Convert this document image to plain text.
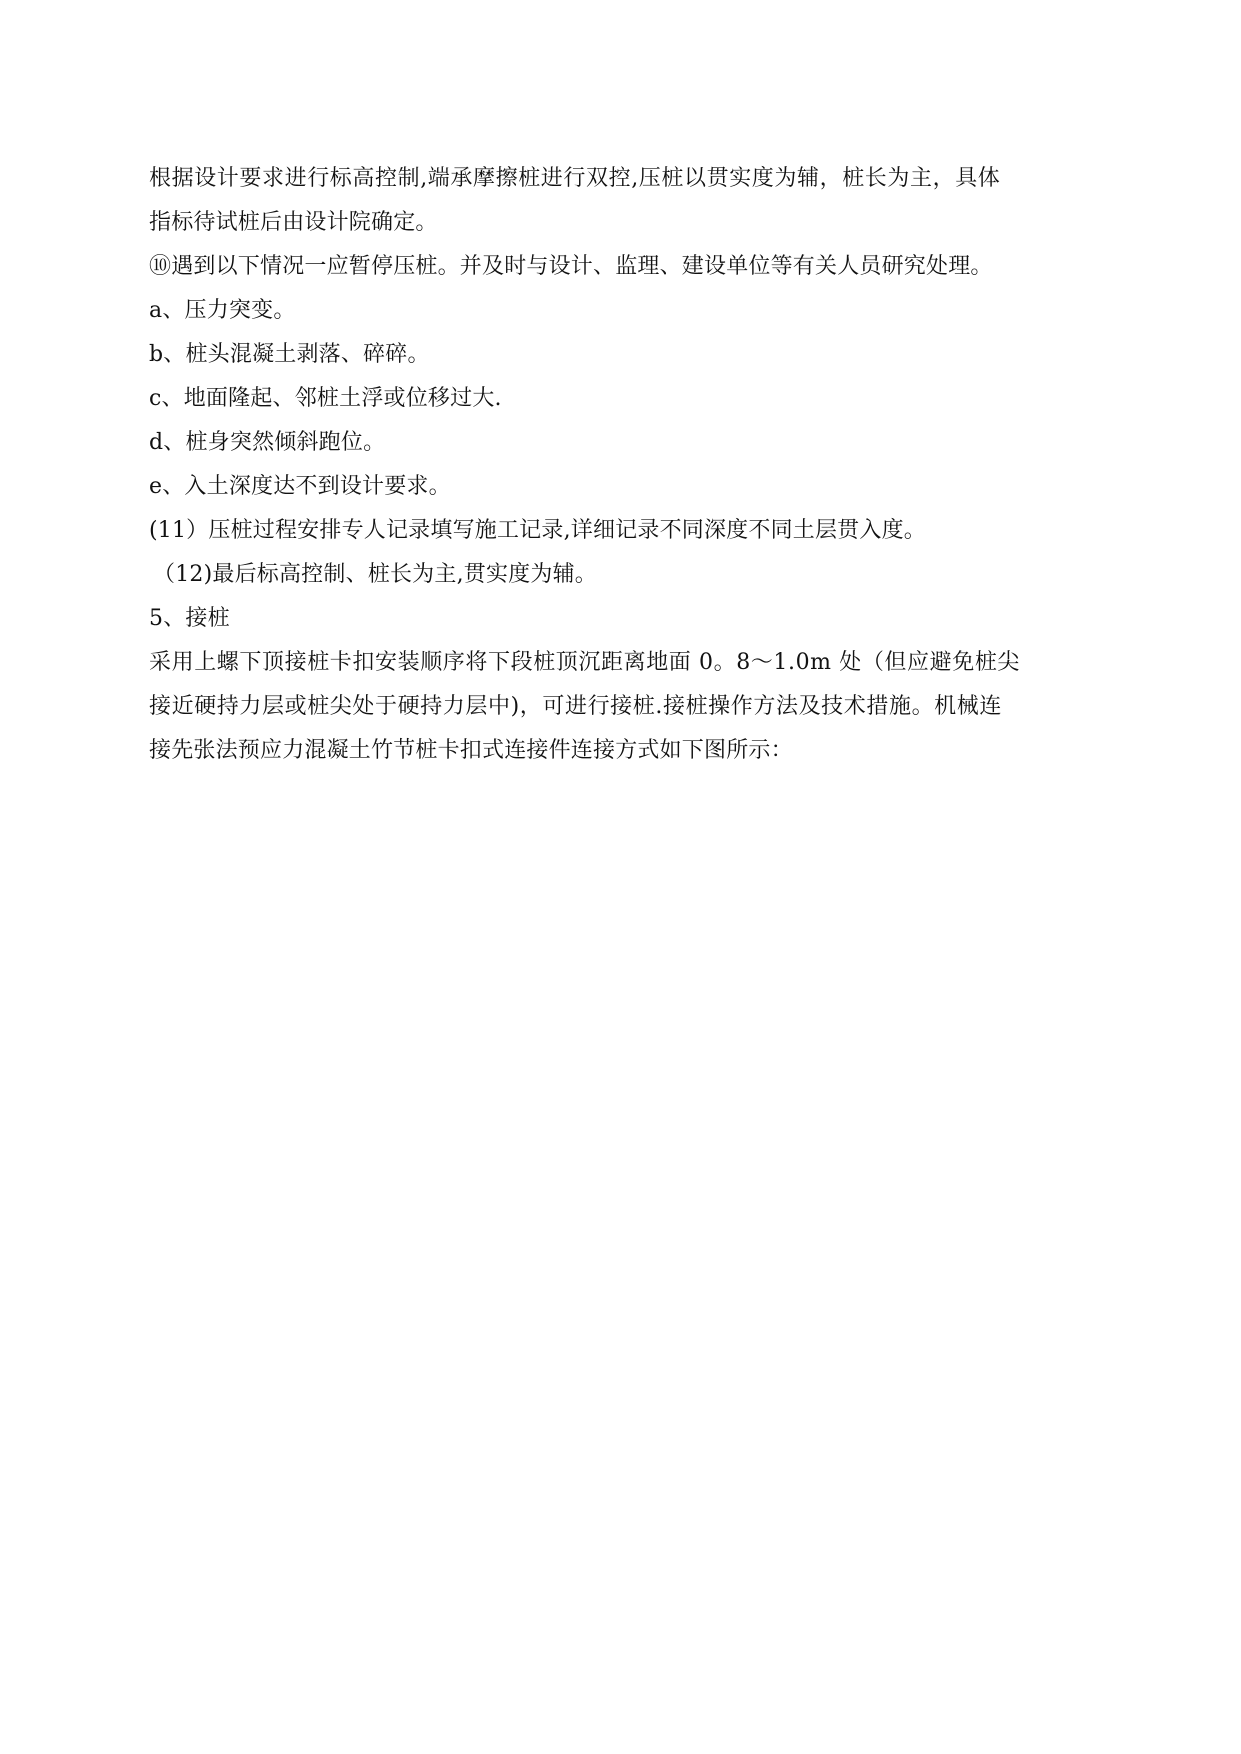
根据设计要求进行标高控制,端承摩擦桩进行双控,压桩以贯实度为辅，桩长为主，具体
指标待试桩后由设计院确定。
⑩遇到以下情况一应暂停压桩。并及时与设计、监理、建设单位等有关人员研究处理。
a、压力突变。
b、桩头混凝土剥落、碎碎。
c、地面隆起、邻桩土浮或位移过大.
d、桩身突然倾斜跑位。
e、入土深度达不到设计要求。
(11）压桩过程安排专人记录填写施工记录,详细记录不同深度不同土层贯入度。
（12)最后标高控制、桩长为主,贯实度为辅。
5、接桩
采用上螺下顶接桩卡扣安装顺序将下段桩顶沉距离地面 0。8～1.0m 处（但应避免桩尖
接近硬持力层或桩尖处于硬持力层中)，可进行接桩.接桩操作方法及技术措施。机械连
接先张法预应力混凝土竹节桩卡扣式连接件连接方式如下图所示：
